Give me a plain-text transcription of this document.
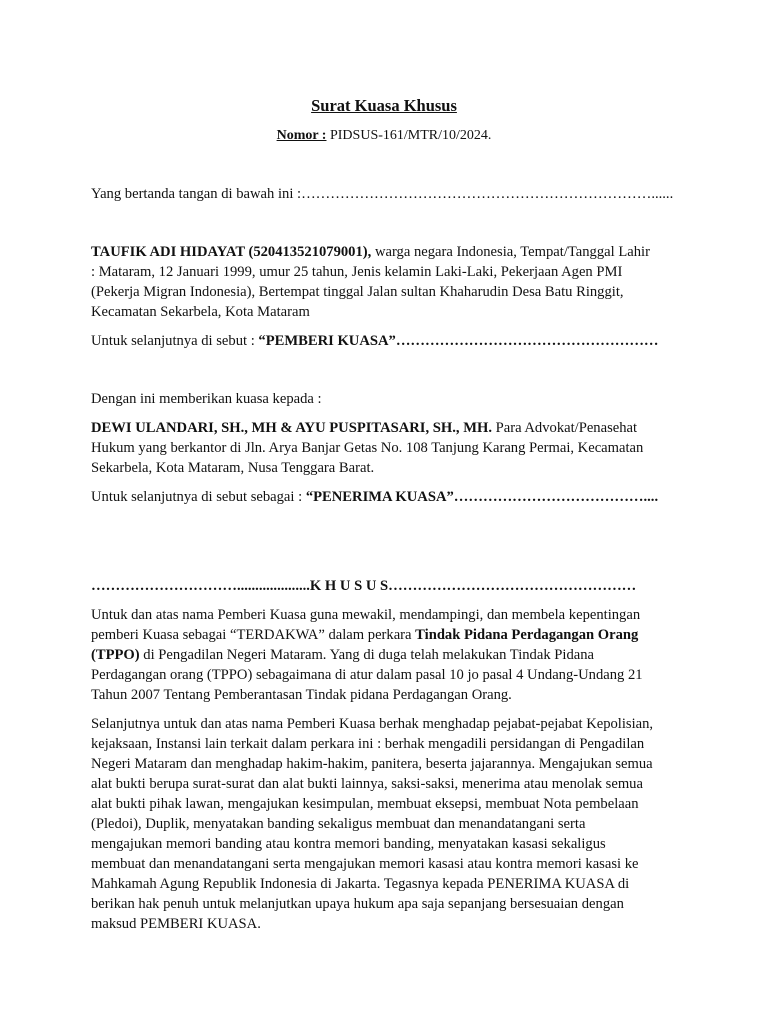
Surat Kuasa Khusus
Nomor : PIDSUS-161/MTR/10/2024.
Yang bertanda tangan di bawah ini :………………………………………………………………......
TAUFIK ADI HIDAYAT (520413521079001), warga negara Indonesia, Tempat/Tanggal Lahir
: Mataram, 12 Januari 1999, umur 25 tahun, Jenis kelamin Laki-Laki, Pekerjaan Agen PMI
(Pekerja Migran Indonesia), Bertempat tinggal Jalan sultan Khaharudin Desa Batu Ringgit,
Kecamatan Sekarbela, Kota Mataram
Untuk selanjutnya di sebut : “PEMBERI KUASA”………………………………………………
Dengan ini memberikan kuasa kepada :
DEWI ULANDARI, SH., MH & AYU PUSPITASARI, SH., MH. Para Advokat/Penasehat
Hukum yang berkantor di Jln. Arya Banjar Getas No. 108 Tanjung Karang Permai, Kecamatan
Sekarbela, Kota Mataram, Nusa Tenggara Barat.
Untuk selanjutnya di sebut sebagai : “PENERIMA KUASA”…………………………………....
…………………………....................K H U S U S……………………………………………
Untuk dan atas nama Pemberi Kuasa guna mewakil, mendampingi, dan membela kepentingan
pemberi Kuasa sebagai “TERDAKWA” dalam perkara Tindak Pidana Perdagangan Orang
(TPPO) di Pengadilan Negeri Mataram. Yang di duga telah melakukan Tindak Pidana
Perdagangan orang (TPPO) sebagaimana di atur dalam pasal 10 jo pasal 4 Undang-Undang 21
Tahun 2007 Tentang Pemberantasan Tindak pidana Perdagangan Orang.
Selanjutnya untuk dan atas nama Pemberi Kuasa berhak menghadap pejabat-pejabat Kepolisian,
kejaksaan, Instansi lain terkait dalam perkara ini : berhak mengadili persidangan di Pengadilan
Negeri Mataram dan menghadap hakim-hakim, panitera, beserta jajarannya. Mengajukan semua
alat bukti berupa surat-surat dan alat bukti lainnya, saksi-saksi, menerima atau menolak semua
alat bukti pihak lawan, mengajukan kesimpulan, membuat eksepsi, membuat Nota pembelaan
(Pledoi), Duplik, menyatakan banding sekaligus membuat dan menandatangani serta
mengajukan memori banding atau kontra memori banding, menyatakan kasasi sekaligus
membuat dan menandatangani serta mengajukan memori kasasi atau kontra memori kasasi ke
Mahkamah Agung Republik Indonesia di Jakarta. Tegasnya kepada PENERIMA KUASA di
berikan hak penuh untuk melanjutkan upaya hukum apa saja sepanjang bersesuaian dengan
maksud PEMBERI KUASA.
